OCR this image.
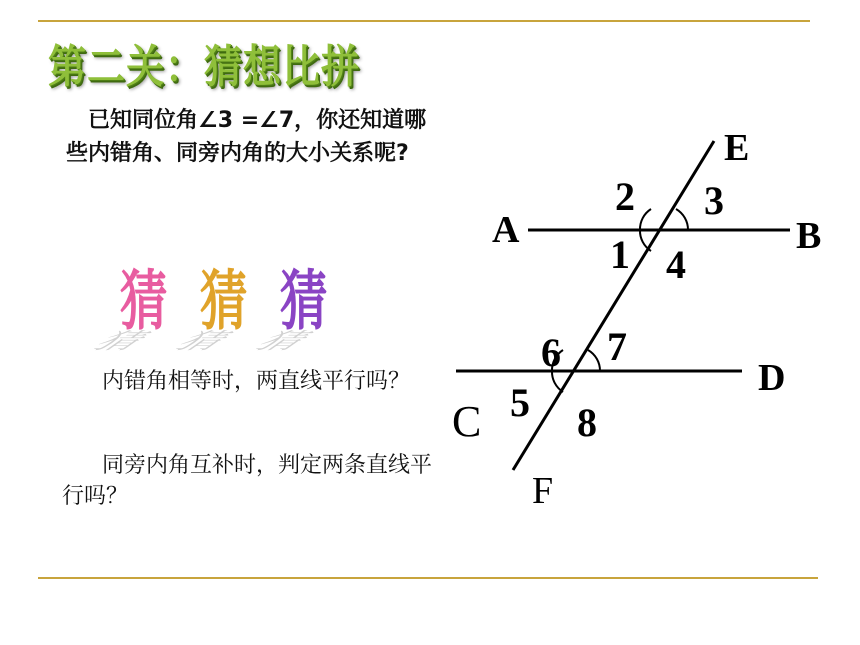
第二关：猜想比拼
已知同位角∠3 =∠7，你还知道哪些内错角、同旁内角的大小关系呢?
猜 猜 猜
猜 猜 猜
内错角相等时，两直线平行吗？
同旁内角互补时，判定两条直线平行吗？
E
A	B
D
2 3
1 4
6 7
5 8
C
F
